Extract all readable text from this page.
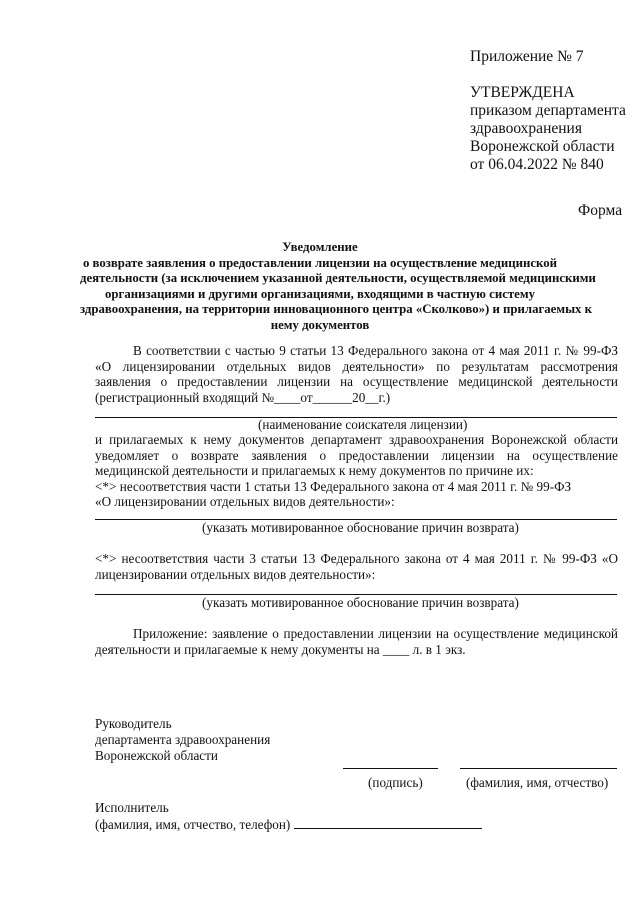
Приложение № 7
УТВЕРЖДЕНА
приказом департамента
здравоохранения
Воронежской области
от 06.04.2022 № 840
Форма
Уведомление
о возврате заявления о предоставлении лицензии на осуществление медицинской
деятельности (за исключением указанной деятельности, осуществляемой медицинскими
организациями и другими организациями, входящими в частную систему
здравоохранения, на территории инновационного центра «Сколково») и прилагаемых к
нему документов
В соответствии с частью 9 статьи 13 Федерального закона от 4 мая 2011 г. № 99-ФЗ «О лицензировании отдельных видов деятельности» по результатам рассмотрения заявления о предоставлении лицензии на осуществление медицинской деятельности (регистрационный входящий №____от______20__г.)
(наименование соискателя лицензии)
и прилагаемых к нему документов департамент здравоохранения Воронежской области уведомляет о возврате заявления о предоставлении лицензии на осуществление медицинской деятельности и прилагаемых к нему документов по причине их:
<*> несоответствия части 1 статьи 13 Федерального закона от 4 мая 2011 г. № 99-ФЗ
«О лицензировании отдельных видов деятельности»:
(указать мотивированное обоснование причин возврата)
<*> несоответствия части 3 статьи 13 Федерального закона от 4 мая 2011 г. № 99-ФЗ «О лицензировании отдельных видов деятельности»:
(указать мотивированное обоснование причин возврата)
Приложение: заявление о предоставлении лицензии на осуществление медицинской деятельности и прилагаемые к нему документы на ____ л. в 1 экз.
Руководитель
департамента здравоохранения
Воронежской области
(подпись)	(фамилия, имя, отчество)
Исполнитель
(фамилия, имя, отчество, телефон)
